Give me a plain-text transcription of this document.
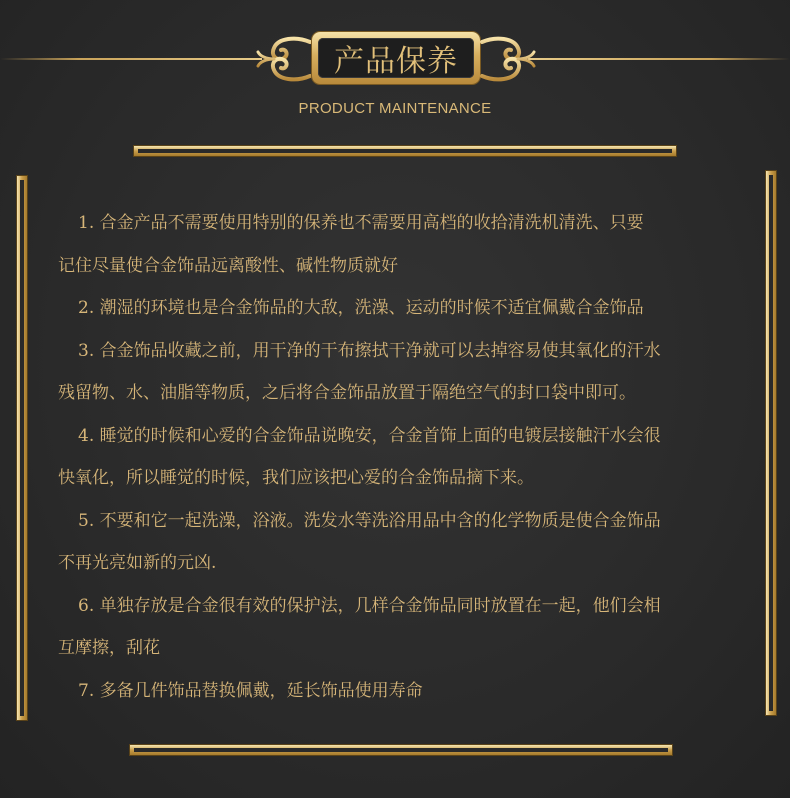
产品保养
PRODUCT MAINTENANCE

1. 合金产品不需要使用特别的保养也不需要用高档的收拾清洗机清洗、只要
记住尽量使合金饰品远离酸性、碱性物质就好

2. 潮湿的环境也是合金饰品的大敌，洗澡、运动的时候不适宜佩戴合金饰品

3. 合金饰品收藏之前，用干净的干布擦拭干净就可以去掉容易使其氧化的汗水
残留物、水、油脂等物质，之后将合金饰品放置于隔绝空气的封口袋中即可。

4. 睡觉的时候和心爱的合金饰品说晚安，合金首饰上面的电镀层接触汗水会很
快氧化，所以睡觉的时候，我们应该把心爱的合金饰品摘下来。

5. 不要和它一起洗澡，浴液。洗发水等洗浴用品中含的化学物质是使合金饰品
不再光亮如新的元凶.

6. 单独存放是合金很有效的保护法，几样合金饰品同时放置在一起，他们会相
互摩擦，刮花

7. 多备几件饰品替换佩戴，延长饰品使用寿命
